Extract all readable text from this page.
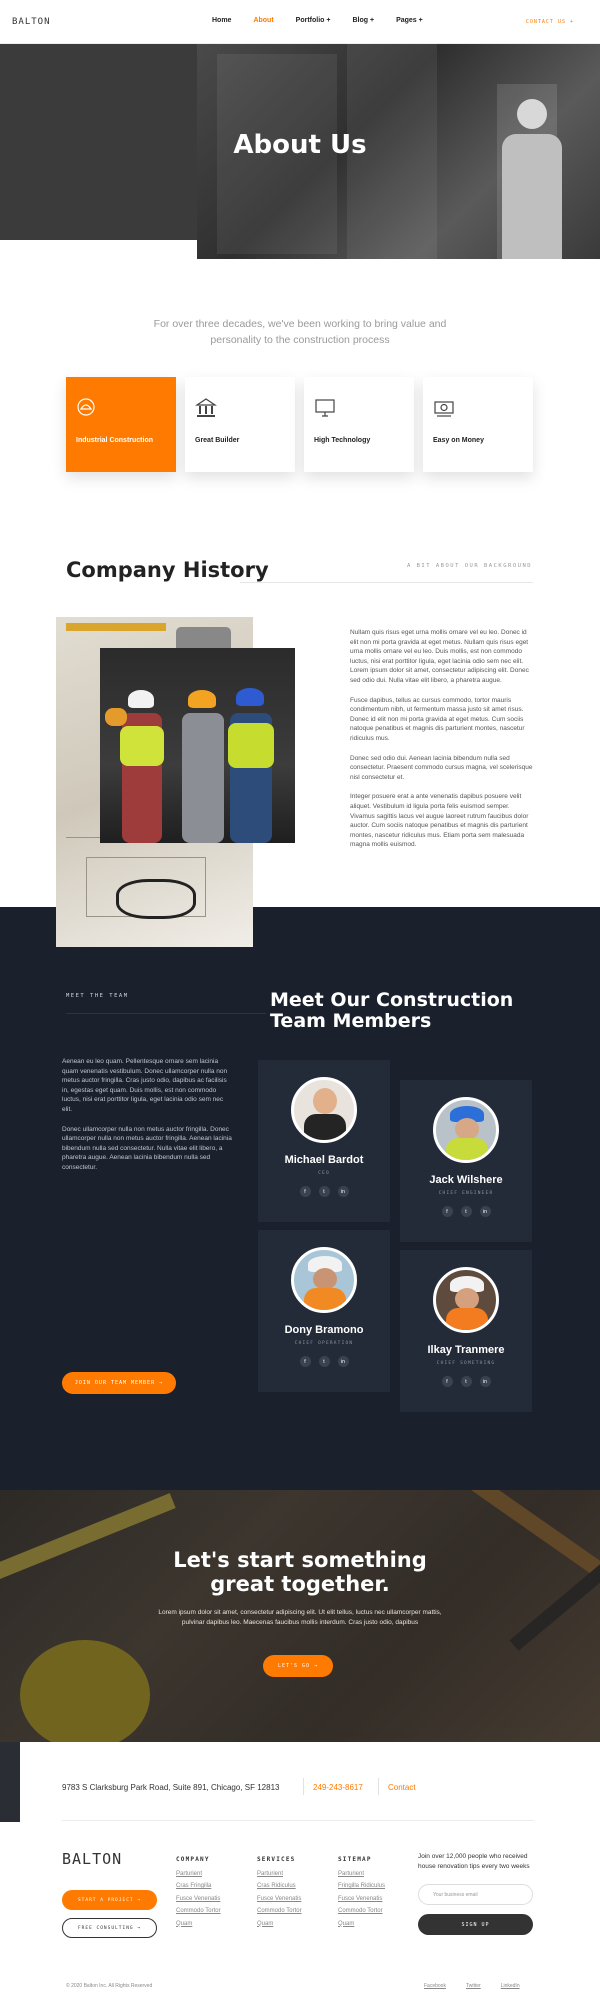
BALTON	Home	About	Portfolio +	Blog +	Pages +	CONTACT US +
About Us
For over three decades, we've been working to bring value and personality to the construction process
Industrial Construction	Great Builder	High Technology	Easy on Money
Company History	A BIT ABOUT OUR BACKGROUND

Nullam quis risus eget urna mollis ornare vel eu leo. Donec id elit non mi porta gravida at eget metus. Nullam quis risus eget urna mollis ornare vel eu leo. Duis mollis, est non commodo luctus, nisi erat porttitor ligula, eget lacinia odio sem nec elit. Lorem ipsum dolor sit amet, consectetur adipiscing elit. Donec sed odio dui. Nulla vitae elit libero, a pharetra augue.

Fusce dapibus, tellus ac cursus commodo, tortor mauris condimentum nibh, ut fermentum massa justo sit amet risus. Donec id elit non mi porta gravida at eget metus. Cum sociis natoque penatibus et magnis dis parturient montes, nascetur ridiculus mus.

Donec sed odio dui. Aenean lacinia bibendum nulla sed consectetur. Praesent commodo cursus magna, vel scelerisque nisl consectetur et.

Integer posuere erat a ante venenatis dapibus posuere velit aliquet. Vestibulum id ligula porta felis euismod semper. Vivamus sagittis lacus vel augue laoreet rutrum faucibus dolor auctor. Cum sociis natoque penatibus et magnis dis parturient montes, nascetur ridiculus mus. Etiam porta sem malesuada magna mollis euismod.

MEET THE TEAM	Meet Our Construction Team Members

Aenean eu leo quam. Pellentesque ornare sem lacinia quam venenatis vestibulum. Donec ullamcorper nulla non metus auctor fringilla. Cras justo odio, dapibus ac facilisis in, egestas eget quam. Duis mollis, est non commodo luctus, nisi erat porttitor ligula, eget lacinia odio sem nec elit.

Donec ullamcorper nulla non metus auctor fringilla. Donec ullamcorper nulla non metus auctor fringilla. Aenean lacinia bibendum nulla sed consectetur. Nulla vitae elit libero, a pharetra augue. Aenean lacinia bibendum nulla sed consectetur.

JOIN OUR TEAM MEMBER →
Michael Bardot
CEO
f	t	in
Jack Wilshere
CHIEF ENGINEER
f	t	in
Dony Bramono
CHIEF OPERATION
f	t	in
Ilkay Tranmere
CHIEF SOMETHING
f	t	in
Let's start something
great together.
Lorem ipsum dolor sit amet, consectetur adipiscing elit. Ut elit tellus, luctus nec ullamcorper mattis, pulvinar dapibus leo. Maecenas faucibus mollis interdum. Cras justo odio, dapibus
LET'S GO →
9783 S Clarksburg Park Road, Suite 891, Chicago, SF 12813	249-243-8617	Contact
BALTON
START A PROJECT →
FREE CONSULTING →
COMPANY
Parturient
Cras Fringilla
Fusce Venenatis
Commodo Tortor
Quam
SERVICES
Parturient
Cras Ridiculus
Fusce Venenatis
Commodo Tortor
Quam
SITEMAP
Parturient
Fringilla Ridiculus
Fusce Venenatis
Commodo Tortor
Quam
Join over 12,000 people who received house renovation tips every two weeks
Your business email
SIGN UP
© 2020 Balton Inc. All Rights Reserved	Facebook	Twitter	LinkedIn
